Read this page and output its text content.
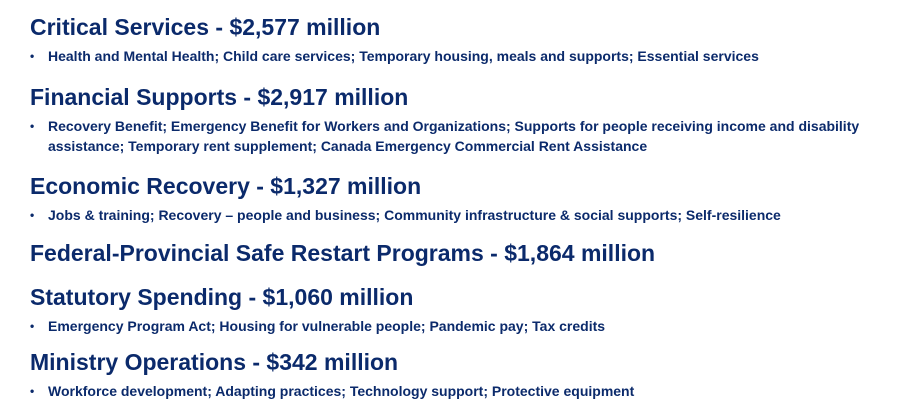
Critical Services - $2,577 million
• Health and Mental Health; Child care services; Temporary housing, meals and supports; Essential services
Financial Supports - $2,917 million
• Recovery Benefit; Emergency Benefit for Workers and Organizations; Supports for people receiving income and disability assistance; Temporary rent supplement; Canada Emergency Commercial Rent Assistance
Economic Recovery - $1,327 million
• Jobs & training; Recovery – people and business; Community infrastructure & social supports; Self-resilience
Federal-Provincial Safe Restart Programs - $1,864 million
Statutory Spending - $1,060 million
• Emergency Program Act; Housing for vulnerable people; Pandemic pay; Tax credits
Ministry Operations - $342 million
• Workforce development; Adapting practices; Technology support; Protective equipment
